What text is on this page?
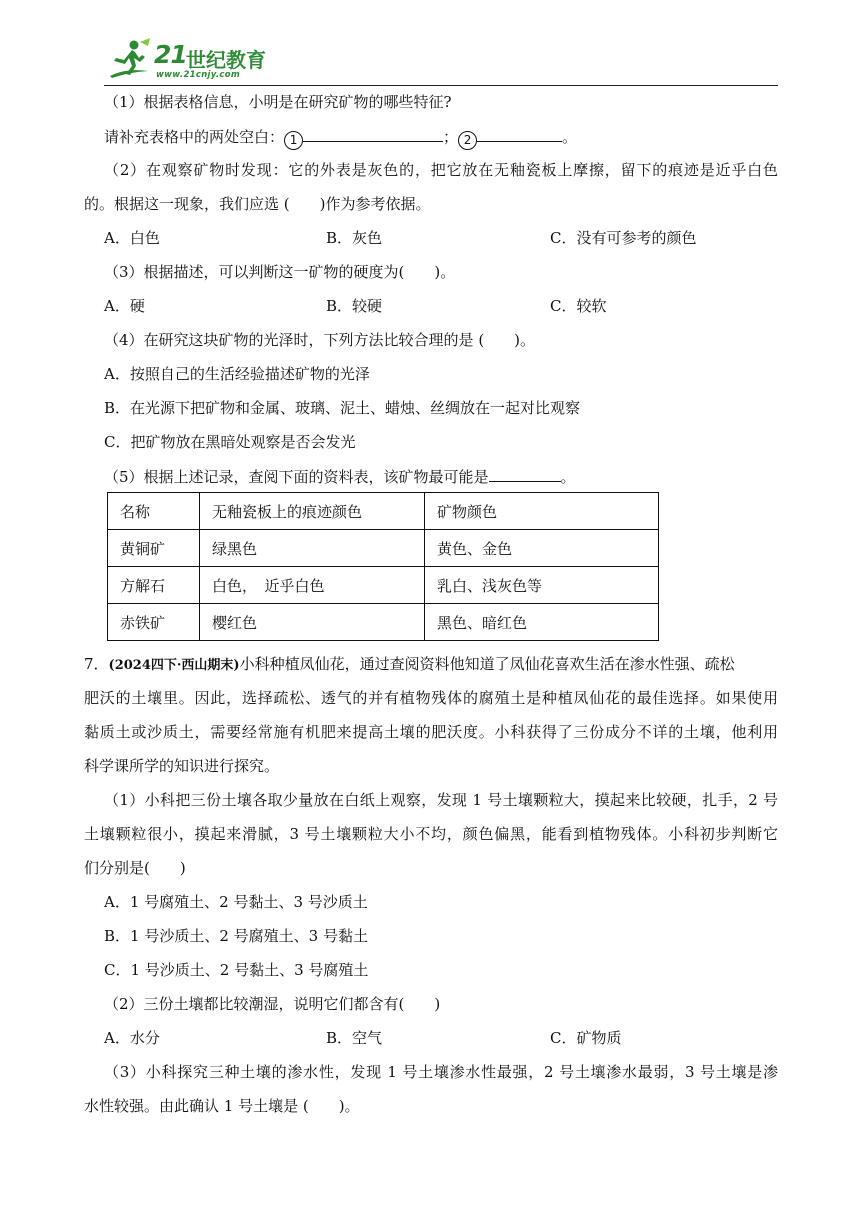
21 世纪教育
www.21cnjy.com
（1）根据表格信息，小明是在研究矿物的哪些特征?
请补充表格中的两处空白： 1	； 2	。
（2）在观察矿物时发现：它的外表是灰色的，把它放在无釉瓷板上摩擦，留下的痕迹是近乎白色
的。根据这一现象，我们应选 (　　)作为参考依据。
A．白色	B．灰色	C．没有可参考的颜色
（3）根据描述，可以判断这一矿物的硬度为(　　)。
A．硬	B．较硬	C．较软
（4）在研究这块矿物的光泽时，下列方法比较合理的是 (　　)。
A．按照自己的生活经验描述矿物的光泽
B．在光源下把矿物和金属、玻璃、泥土、蜡烛、丝绸放在一起对比观察
C．把矿物放在黑暗处观察是否会发光
（5）根据上述记录，查阅下面的资料表，该矿物最可能是	。
名称	无釉瓷板上的痕迹颜色	矿物颜色
黄铜矿	绿黑色	黄色、金色
方解石	白色，　近乎白色	乳白、浅灰色等
赤铁矿	樱红色	黑色、暗红色
7．(2024四下·西山期末)小科种植凤仙花，通过查阅资料他知道了凤仙花喜欢生活在渗水性强、疏松
肥沃的土壤里。因此，选择疏松、透气的并有植物残体的腐殖土是种植凤仙花的最佳选择。如果使用
黏质土或沙质土，需要经常施有机肥来提高土壤的肥沃度。小科获得了三份成分不详的土壤，他利用
科学课所学的知识进行探究。
（1）小科把三份土壤各取少量放在白纸上观察，发现 1 号土壤颗粒大，摸起来比较硬，扎手，2 号
土壤颗粒很小，摸起来滑腻，3 号土壤颗粒大小不均，颜色偏黑，能看到植物残体。小科初步判断它
们分别是(　　)
A．1 号腐殖土、2 号黏土、3 号沙质土
B．1 号沙质土、2 号腐殖土、3 号黏土
C．1 号沙质土、2 号黏土、3 号腐殖土
（2）三份土壤都比较潮湿，说明它们都含有(　　)
A．水分	B．空气	C．矿物质
（3）小科探究三种土壤的渗水性，发现 1 号土壤渗水性最强，2 号土壤渗水最弱，3 号土壤是渗
水性较强。由此确认 1 号土壤是 (　　)。
